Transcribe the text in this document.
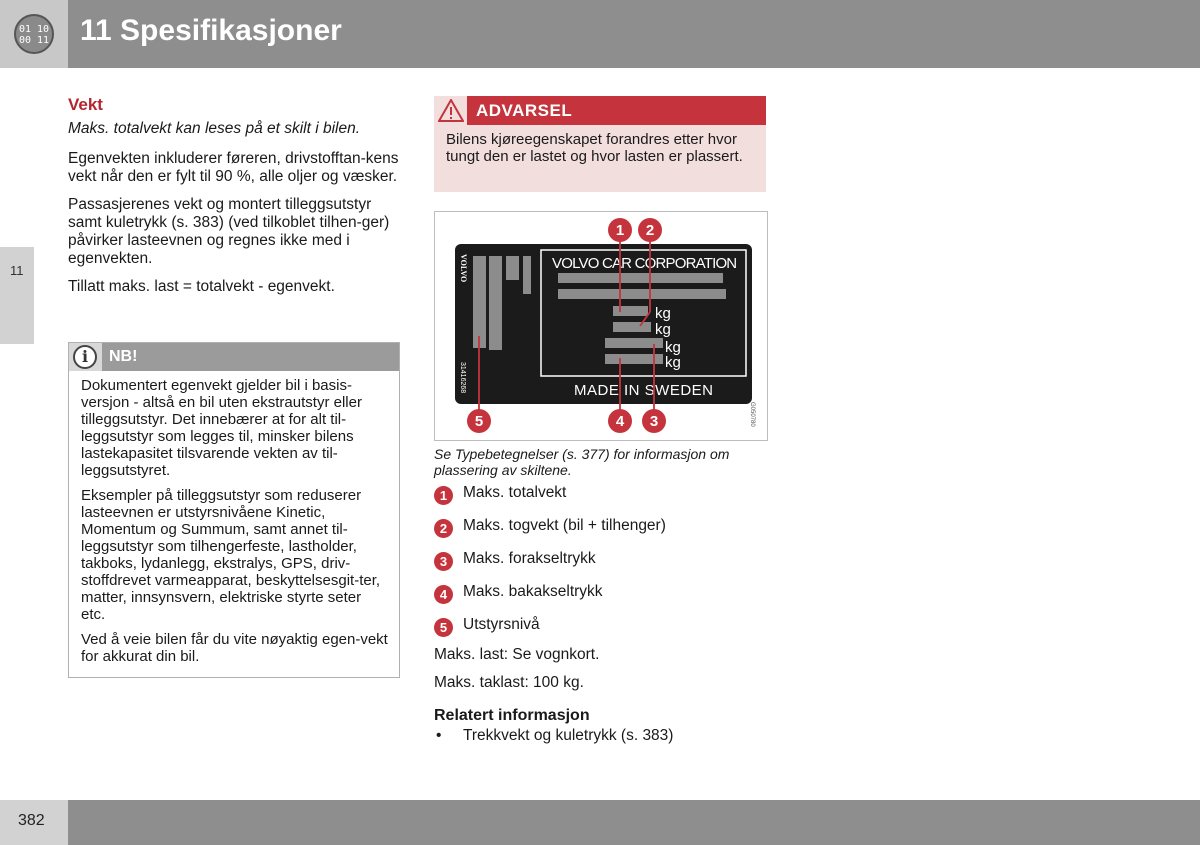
01 10
00 11 11 Spesifikasjoner
11
Vekt
Maks. totalvekt kan leses på et skilt i bilen.

Egenvekten inkluderer føreren, drivstofftan-kens vekt når den er fylt til 90 %, alle oljer og væsker.

Passasjerenes vekt og montert tilleggsutstyr samt kuletrykk (s. 383) (ved tilkoblet tilhen-ger) påvirker lasteevnen og regnes ikke med i egenvekten.

Tillatt maks. last = totalvekt - egenvekt.

i	NB!

Dokumentert egenvekt gjelder bil i basis-versjon - altså en bil uten ekstrautstyr eller tilleggsutstyr. Det innebærer at for alt til-leggsutstyr som legges til, minsker bilens lastekapasitet tilsvarende vekten av til-leggsutstyret.

Eksempler på tilleggsutstyr som reduserer lasteevnen er utstyrsnivåene Kinetic, Momentum og Summum, samt annet til-leggsutstyr som tilhengerfeste, lastholder, takboks, lydanlegg, ekstralys, GPS, driv-stoffdrevet varmeapparat, beskyttelsesgit-ter, matter, innsynsvern, elektriske styrte seter etc.

Ved å veie bilen får du vite nøyaktig egen-vekt for akkurat din bil.

ADVARSEL
Bilens kjøreegenskapet forandres etter hvor tungt den er lastet og hvor lasten er plassert.
VOLVO
31416268
VOLVO CAR CORPORATION
kg
kg
kg
kg
MADE IN SWEDEN
G050780
1 2
3
4
5
Se Typebetegnelser (s. 377) for informasjon om plassering av skiltene.
1	Maks. totalvekt
2	Maks. togvekt (bil + tilhenger)
3	Maks. forakseltrykk
4	Maks. bakakseltrykk
5	Utstyrsnivå
Maks. last: Se vognkort.
Maks. taklast: 100 kg.
Relatert informasjon
•	Trekkvekt og kuletrykk (s. 383)
382
